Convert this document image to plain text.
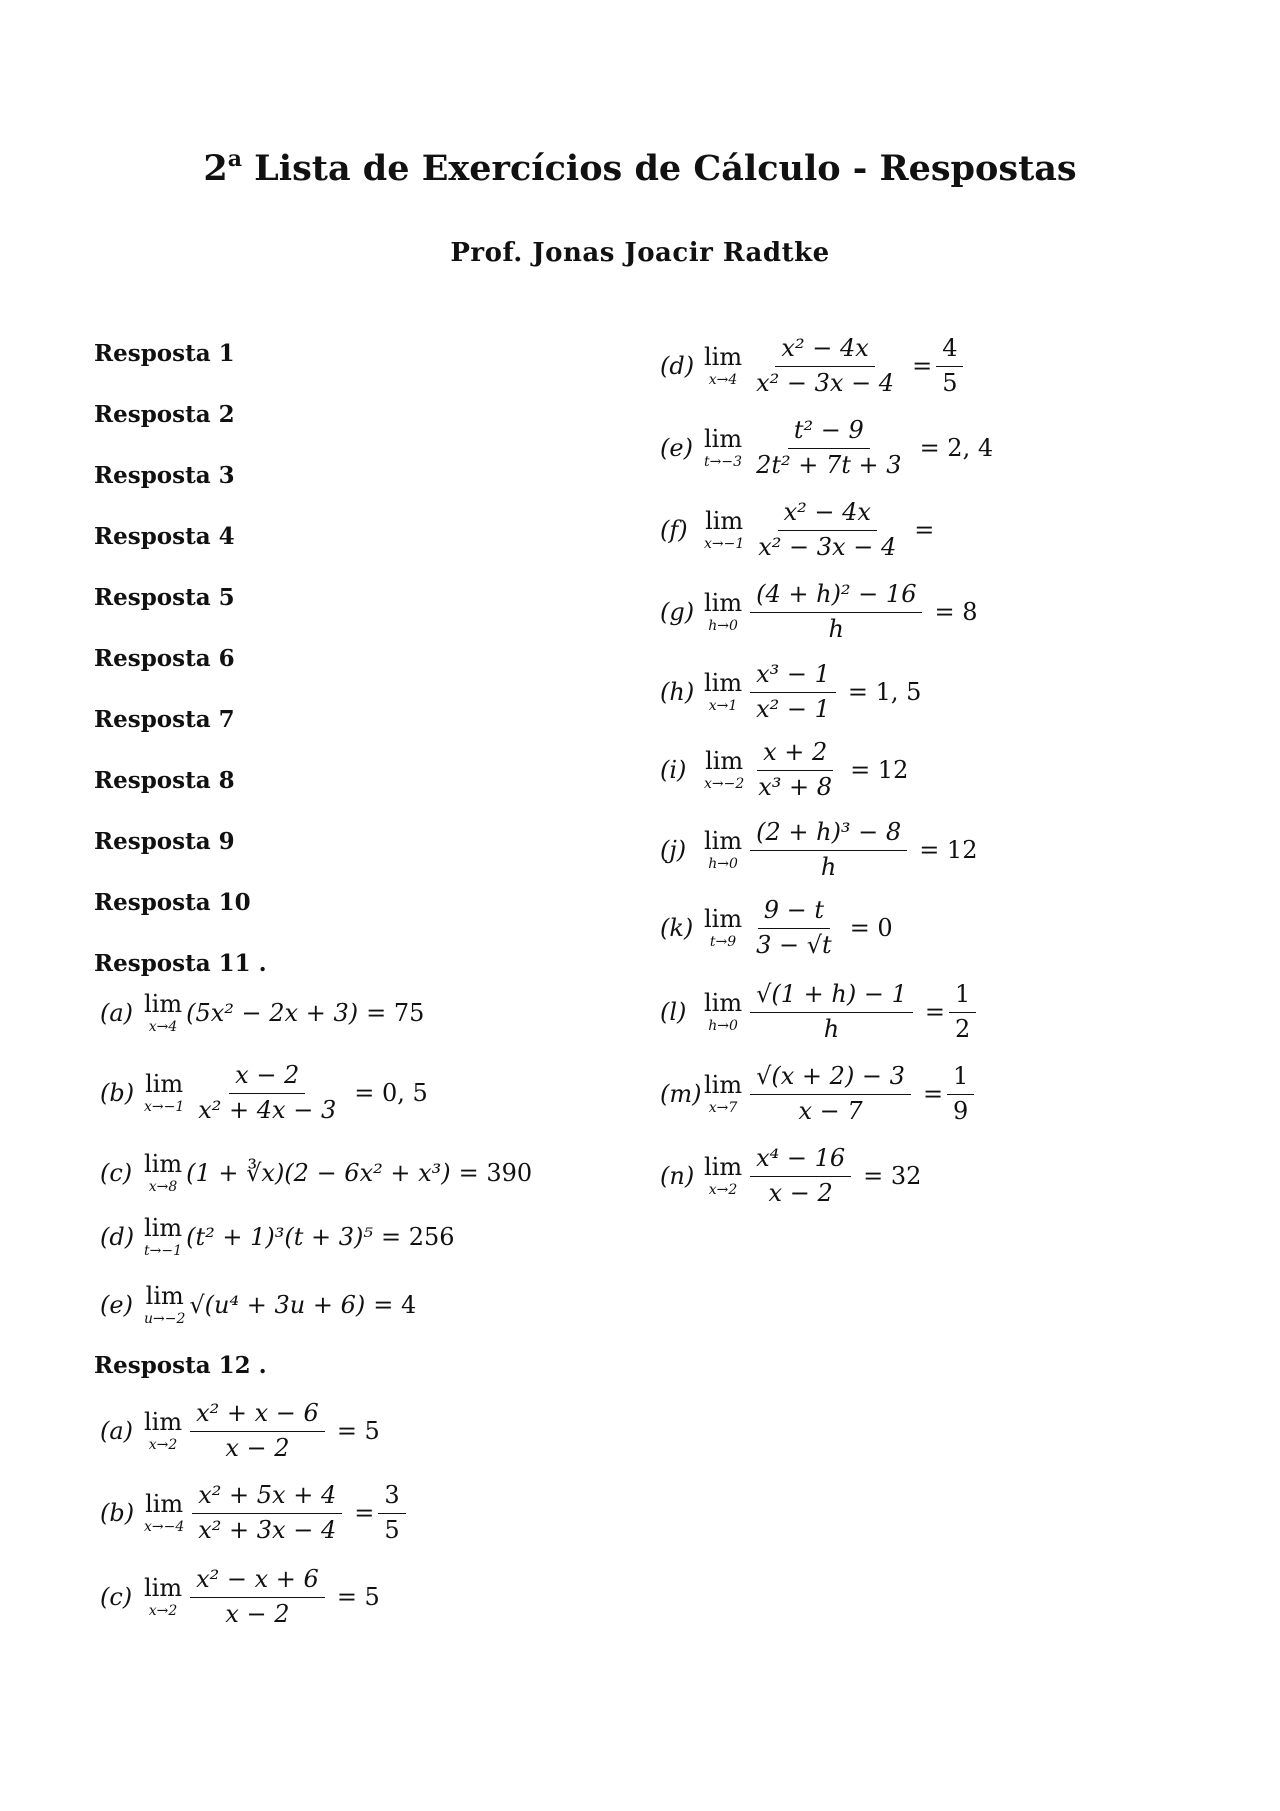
2$^a$ Lista de Exercícios de Cálculo - Respostas
Prof. Jonas Joacir Radtke
Resposta 1
Resposta 2
Resposta 3
Resposta 4
Resposta 5
Resposta 6
Resposta 7
Resposta 8
Resposta 9
Resposta 10
Resposta 11 .
(a) lim
x→4 (5x² − 2x + 3) = 75
(b) lim
$x\to-1 \frac{x - 2}{\text{x² + 4x − 3}} = 0$, 5
(c) lim
x→8 (1 + ∛x)(2 − 6x² + x³) = 390
(d) lim
t→−1 (t² + 1)³(t + 3)⁵ = 256
(e) lim
u→−2 √(u⁴ + 3u + 6) = 4
Resposta 12 .
(a) lim
$x\to 2 \frac{\text{x² + x − 6}}{x - 2} = 5$
(b) lim
$x\to-4 \frac{\text{x² + 5x + 4}}{\text{x² + 3x − 4}} = \frac{3}{5}$
(c) lim
$x\to 2 \frac{\text{x² − x + 6}}{x - 2} = 5$
(d) lim
$x\to 4 \frac{\text{x² − 4x}}{\text{x² − 3x − 4}} = \frac{4}{5}$
(e) lim
$t\to-3 \frac{\text{t² − 9}}{\text{2t² + 7t + 3}} = 2$, 4
(f) lim
$x\to-1 \frac{\text{x² − 4x}}{\text{x² − 3x − 4}}$ =
(g) lim
$h\to 0 \frac{\text{(4 + h)² − 16}}{h} = 8$
(h) lim
$x\to 1 \frac{\text{x³ − 1}}{\text{x² − 1}} = 1$, 5
(i) lim
$x\to-2 \frac{x + 2}{\text{x³ + 8}} = 12$
(j) lim
$h\to 0 \frac{\text{(2 + h)³ − 8}}{h} = 12$
(k) lim
$t\to 9 \frac{9 - t}{3 - √t} = 0$
(l) lim
$h\to 0 \frac{√(1 + h) - 1}{h} = \frac{1}{2}$
(m) lim
$x\to 7 \frac{√(x + 2) - 3}{x - 7} = \frac{1}{9}$
(n) lim
$x\to 2 \frac{\text{x⁴ − 16}}{x - 2} = 32$
